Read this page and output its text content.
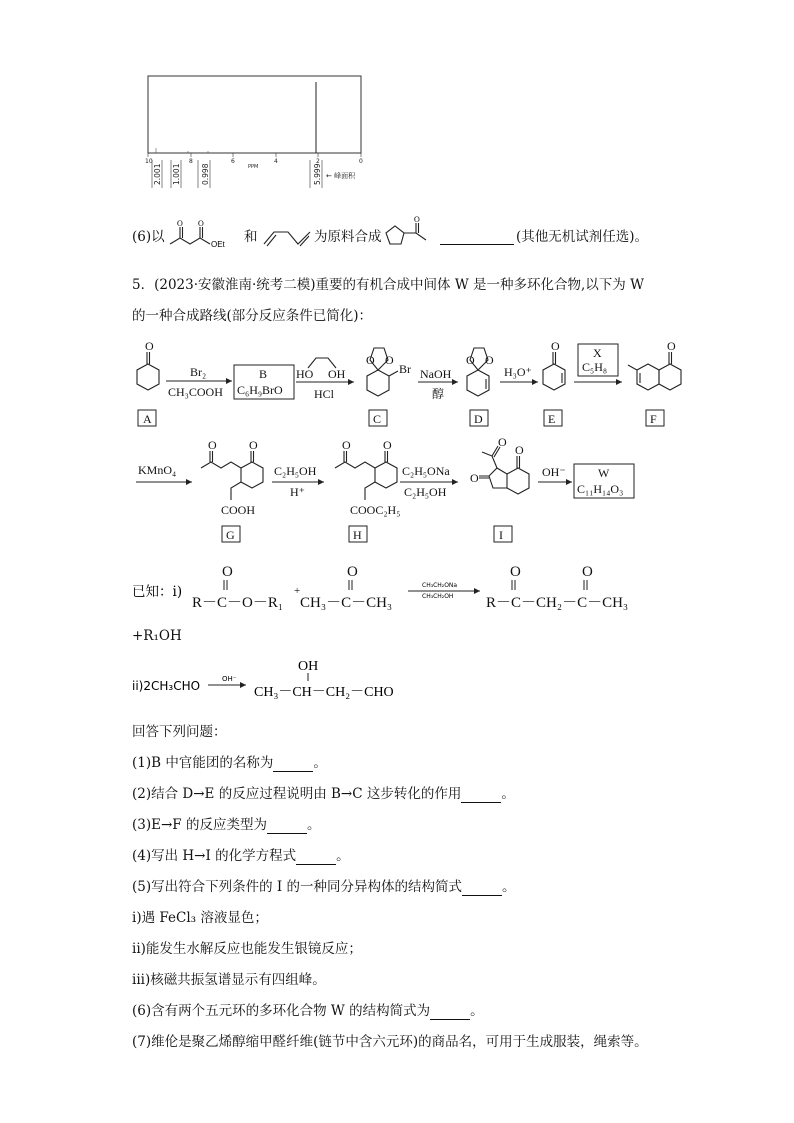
10	8	6	4	2	0
PPM
2.001 1.001	0.998	5.999 ← 峰面积
(6)以
O O
OEt 和	为原料合成
O
(其他无机试剂任选)。
5．(2023·安徽淮南·统考二模)重要的有机合成中间体 W 是一种多环化合物,以下为 W
的一种合成路线(部分反应条件已简化)：
O
A
Br₂
CH₃COOH
B
C₆H₉BrO
HO OH
HCl
O O
Br
C
NaOH
醇
O O
D
H₃O⁺
O
E
X
C₅H₈
O
F
KMnO₄
O
O
COOH
G
C₂H₅OH
H⁺
O
O
COOC₂H₅
H
C₂H₅ONa
C₂H₅OH
O
O
O
I
OH⁻	W
C₁₁H₁₄O₃
已知：i)
O
R－C－O－R₁
+
O
CH₃－C－CH₃
O	O
R－C－CH₂－C－CH₃
CH₃CH₂ONa
CH₃CH₂OH
+R₁OH
ii)2CH₃CHO	OH⁻
OH
CH₃－CH－CH₂－CHO
回答下列问题：
(1)B 中官能团的名称为	。
(2)结合 D→E 的反应过程说明由 B→C 这步转化的作用	。
(3)E→F 的反应类型为	。
(4)写出 H→I 的化学方程式	。
(5)写出符合下列条件的 I 的一种同分异构体的结构简式	。
i)遇 FeCl₃ 溶液显色；
ii)能发生水解反应也能发生银镜反应；
iii)核磁共振氢谱显示有四组峰。
(6)含有两个五元环的多环化合物 W 的结构简式为	。
(7)维伦是聚乙烯醇缩甲醛纤维(链节中含六元环)的商品名，可用于生成服装，绳索等。
